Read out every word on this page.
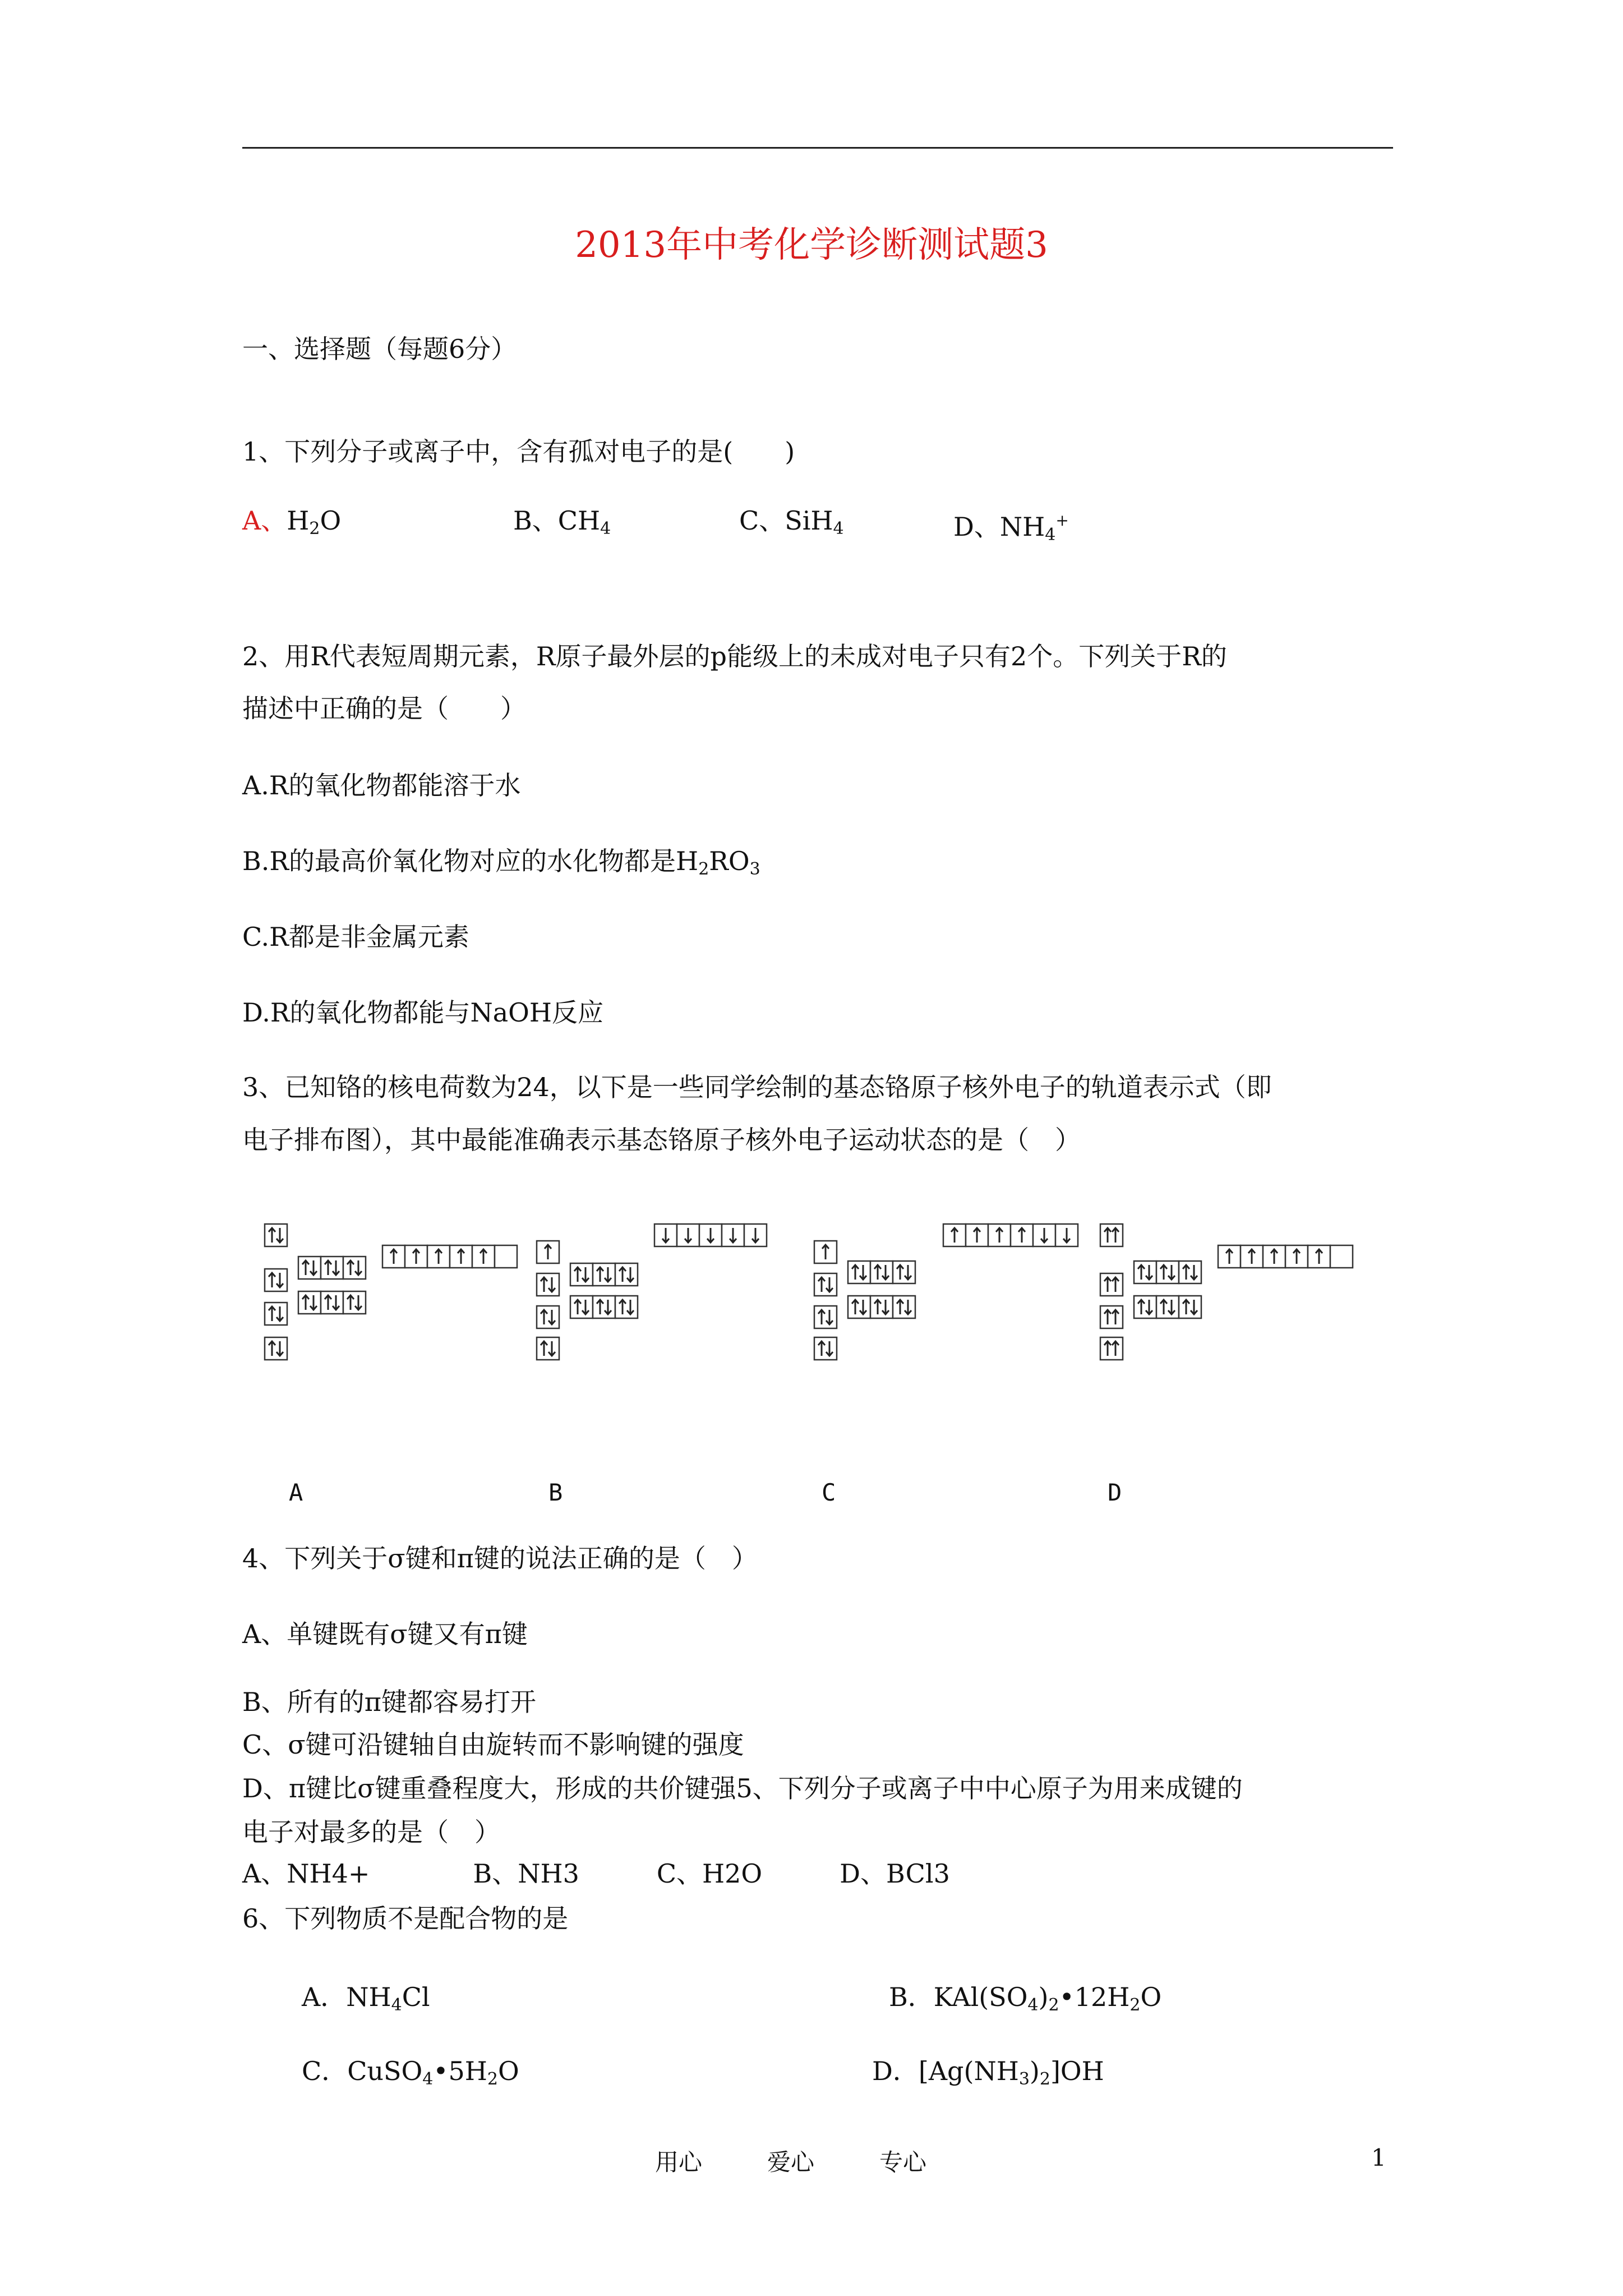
2013年中考化学诊断测试题3
一、选择题（每题6分）
1、下列分子或离子中，含有孤对电子的是(　　)
A、$H_2O$	B、$CH_4$	C、SiH$_4$	D、$NH_4^+$
2、用R代表短周期元素，R原子最外层的p能级上的未成对电子只有2个。下列关于R的
描述中正确的是（　　）
A.R的氧化物都能溶于水
B.R的最高价氧化物对应的水化物都是$H_2RO_3$
C.R都是非金属元素
D.R的氧化物都能与NaOH反应
3、已知铬的核电荷数为24，以下是一些同学绘制的基态铬原子核外电子的轨道表示式（即
电子排布图），其中最能准确表示基态铬原子核外电子运动状态的是（　）
A	B	C	D
4、下列关于σ键和π键的说法正确的是（　）
A、单键既有σ键又有π键
B、所有的π键都容易打开
C、σ键可沿键轴自由旋转而不影响键的强度
D、π键比σ键重叠程度大，形成的共价键强5、下列分子或离子中中心原子为用来成键的
电子对最多的是（　）
A、NH4+　　　　B、NH3　　　C、H2O　　　D、BCl3
6、下列物质不是配合物的是
A．$NH_4Cl$	B．$KAl(SO_4)_2•12H_2O$
C．$CuSO_4•5H_2O$	D．$[Ag(NH_3)_2]OH$
用心	爱心	专心	1
